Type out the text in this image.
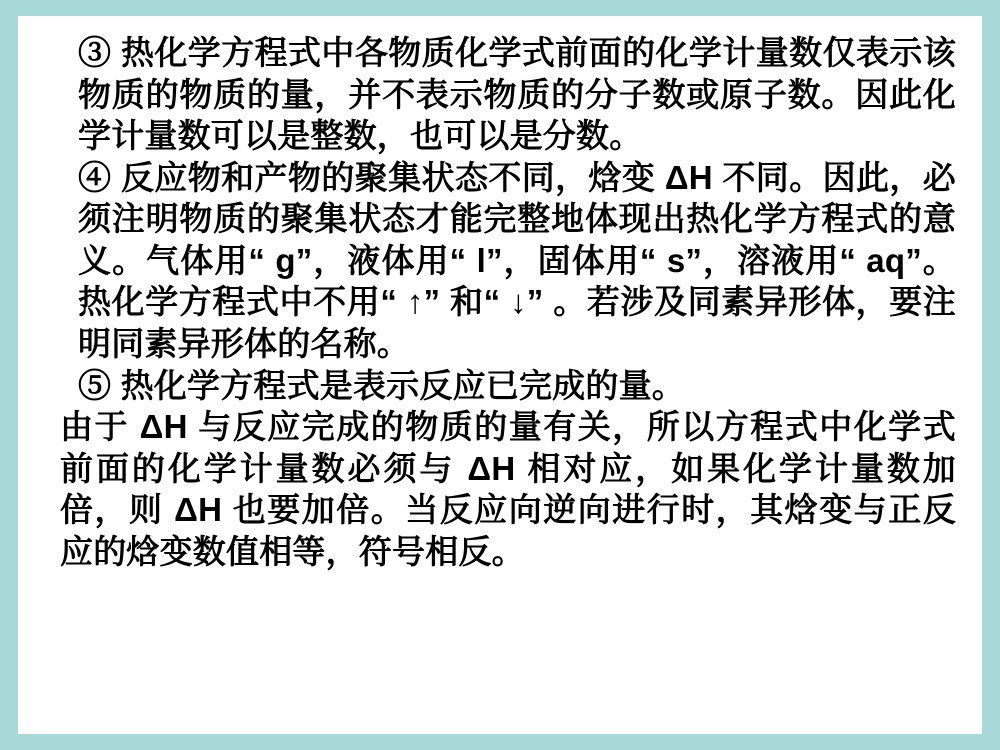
③ 热化学方程式中各物质化学式前面的化学计量数仅表示该物质的物质的量，并不表示物质的分子数或原子数。因此化学计量数可以是整数，也可以是分数。

④ 反应物和产物的聚集状态不同，焓变 ΔH 不同。因此，必须注明物质的聚集状态才能完整地体现出热化学方程式的意义。气体用“ g”，液体用“ l”，固体用“ s”，溶液用“ aq”。热化学方程式中不用“ ↑” 和“ ↓” 。若涉及同素异形体，要注明同素异形体的名称。

⑤ 热化学方程式是表示反应已完成的量。

由于 ΔH 与反应完成的物质的量有关，所以方程式中化学式前面的化学计量数必须与 ΔH 相对应，如果化学计量数加倍，则 ΔH 也要加倍。当反应向逆向进行时，其焓变与正反应的焓变数值相等，符号相反。
